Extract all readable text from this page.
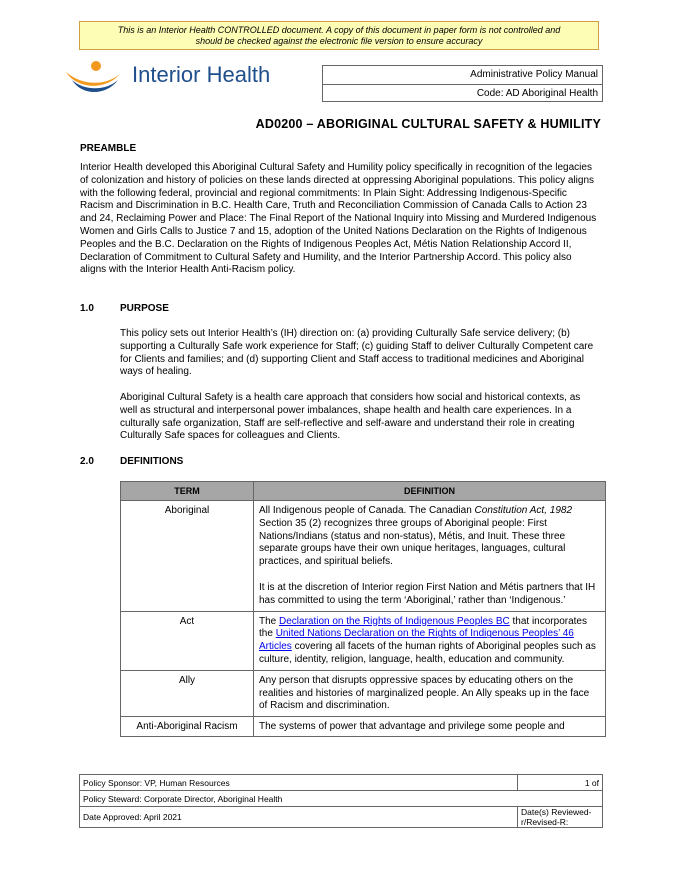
This is an Interior Health CONTROLLED document. A copy of this document in paper form is not controlled and
should be checked against the electronic file version to ensure accuracy
Interior Health	Administrative Policy Manual
Code: AD Aboriginal Health
AD0200 – ABORIGINAL CULTURAL SAFETY & HUMILITY
PREAMBLE
Interior Health developed this Aboriginal Cultural Safety and Humility policy specifically in recognition of the legacies of colonization and history of policies on these lands directed at oppressing Aboriginal populations. This policy aligns with the following federal, provincial and regional commitments: In Plain Sight: Addressing Indigenous-Specific Racism and Discrimination in B.C. Health Care, Truth and Reconciliation Commission of Canada Calls to Action 23 and 24, Reclaiming Power and Place: The Final Report of the National Inquiry into Missing and Murdered Indigenous Women and Girls Calls to Justice 7 and 15, adoption of the United Nations Declaration on the Rights of Indigenous Peoples and the B.C. Declaration on the Rights of Indigenous Peoples Act, Métis Nation Relationship Accord II, Declaration of Commitment to Cultural Safety and Humility, and the Interior Partnership Accord. This policy also aligns with the Interior Health Anti-Racism policy.
1.0	PURPOSE
This policy sets out Interior Health’s (IH) direction on: (a) providing Culturally Safe service delivery; (b) supporting a Culturally Safe work experience for Staff; (c) guiding Staff to deliver Culturally Competent care for Clients and families; and (d) supporting Client and Staff access to traditional medicines and Aboriginal ways of healing.
Aboriginal Cultural Safety is a health care approach that considers how social and historical contexts, as well as structural and interpersonal power imbalances, shape health and health care experiences. In a culturally safe organization, Staff are self-reflective and self-aware and understand their role in creating Culturally Safe spaces for colleagues and Clients.
2.0	DEFINITIONS
TERM	DEFINITION
Aboriginal	All Indigenous people of Canada. The Canadian Constitution Act, 1982 Section 35 (2) recognizes three groups of Aboriginal people: First Nations/Indians (status and non-status), Métis, and Inuit. These three separate groups have their own unique heritages, languages, cultural practices, and spiritual beliefs.
It is at the discretion of Interior region First Nation and Métis partners that IH has committed to using the term ‘Aboriginal,’ rather than ‘Indigenous.’

Act	The Declaration on the Rights of Indigenous Peoples BC that incorporates the United Nations Declaration on the Rights of Indigenous Peoples’ 46 Articles covering all facets of the human rights of Aboriginal peoples such as culture, identity, religion, language, health, education and community.
Ally	Any person that disrupts oppressive spaces by educating others on the realities and histories of marginalized people. An Ally speaks up in the face of Racism and discrimination.
Anti-Aboriginal Racism	The systems of power that advantage and privilege some people and
Policy Sponsor: VP, Human Resources	1 of
Policy Steward: Corporate Director, Aboriginal Health	
Date Approved: April 2021	Date(s) Reviewed-r/Revised-R:
